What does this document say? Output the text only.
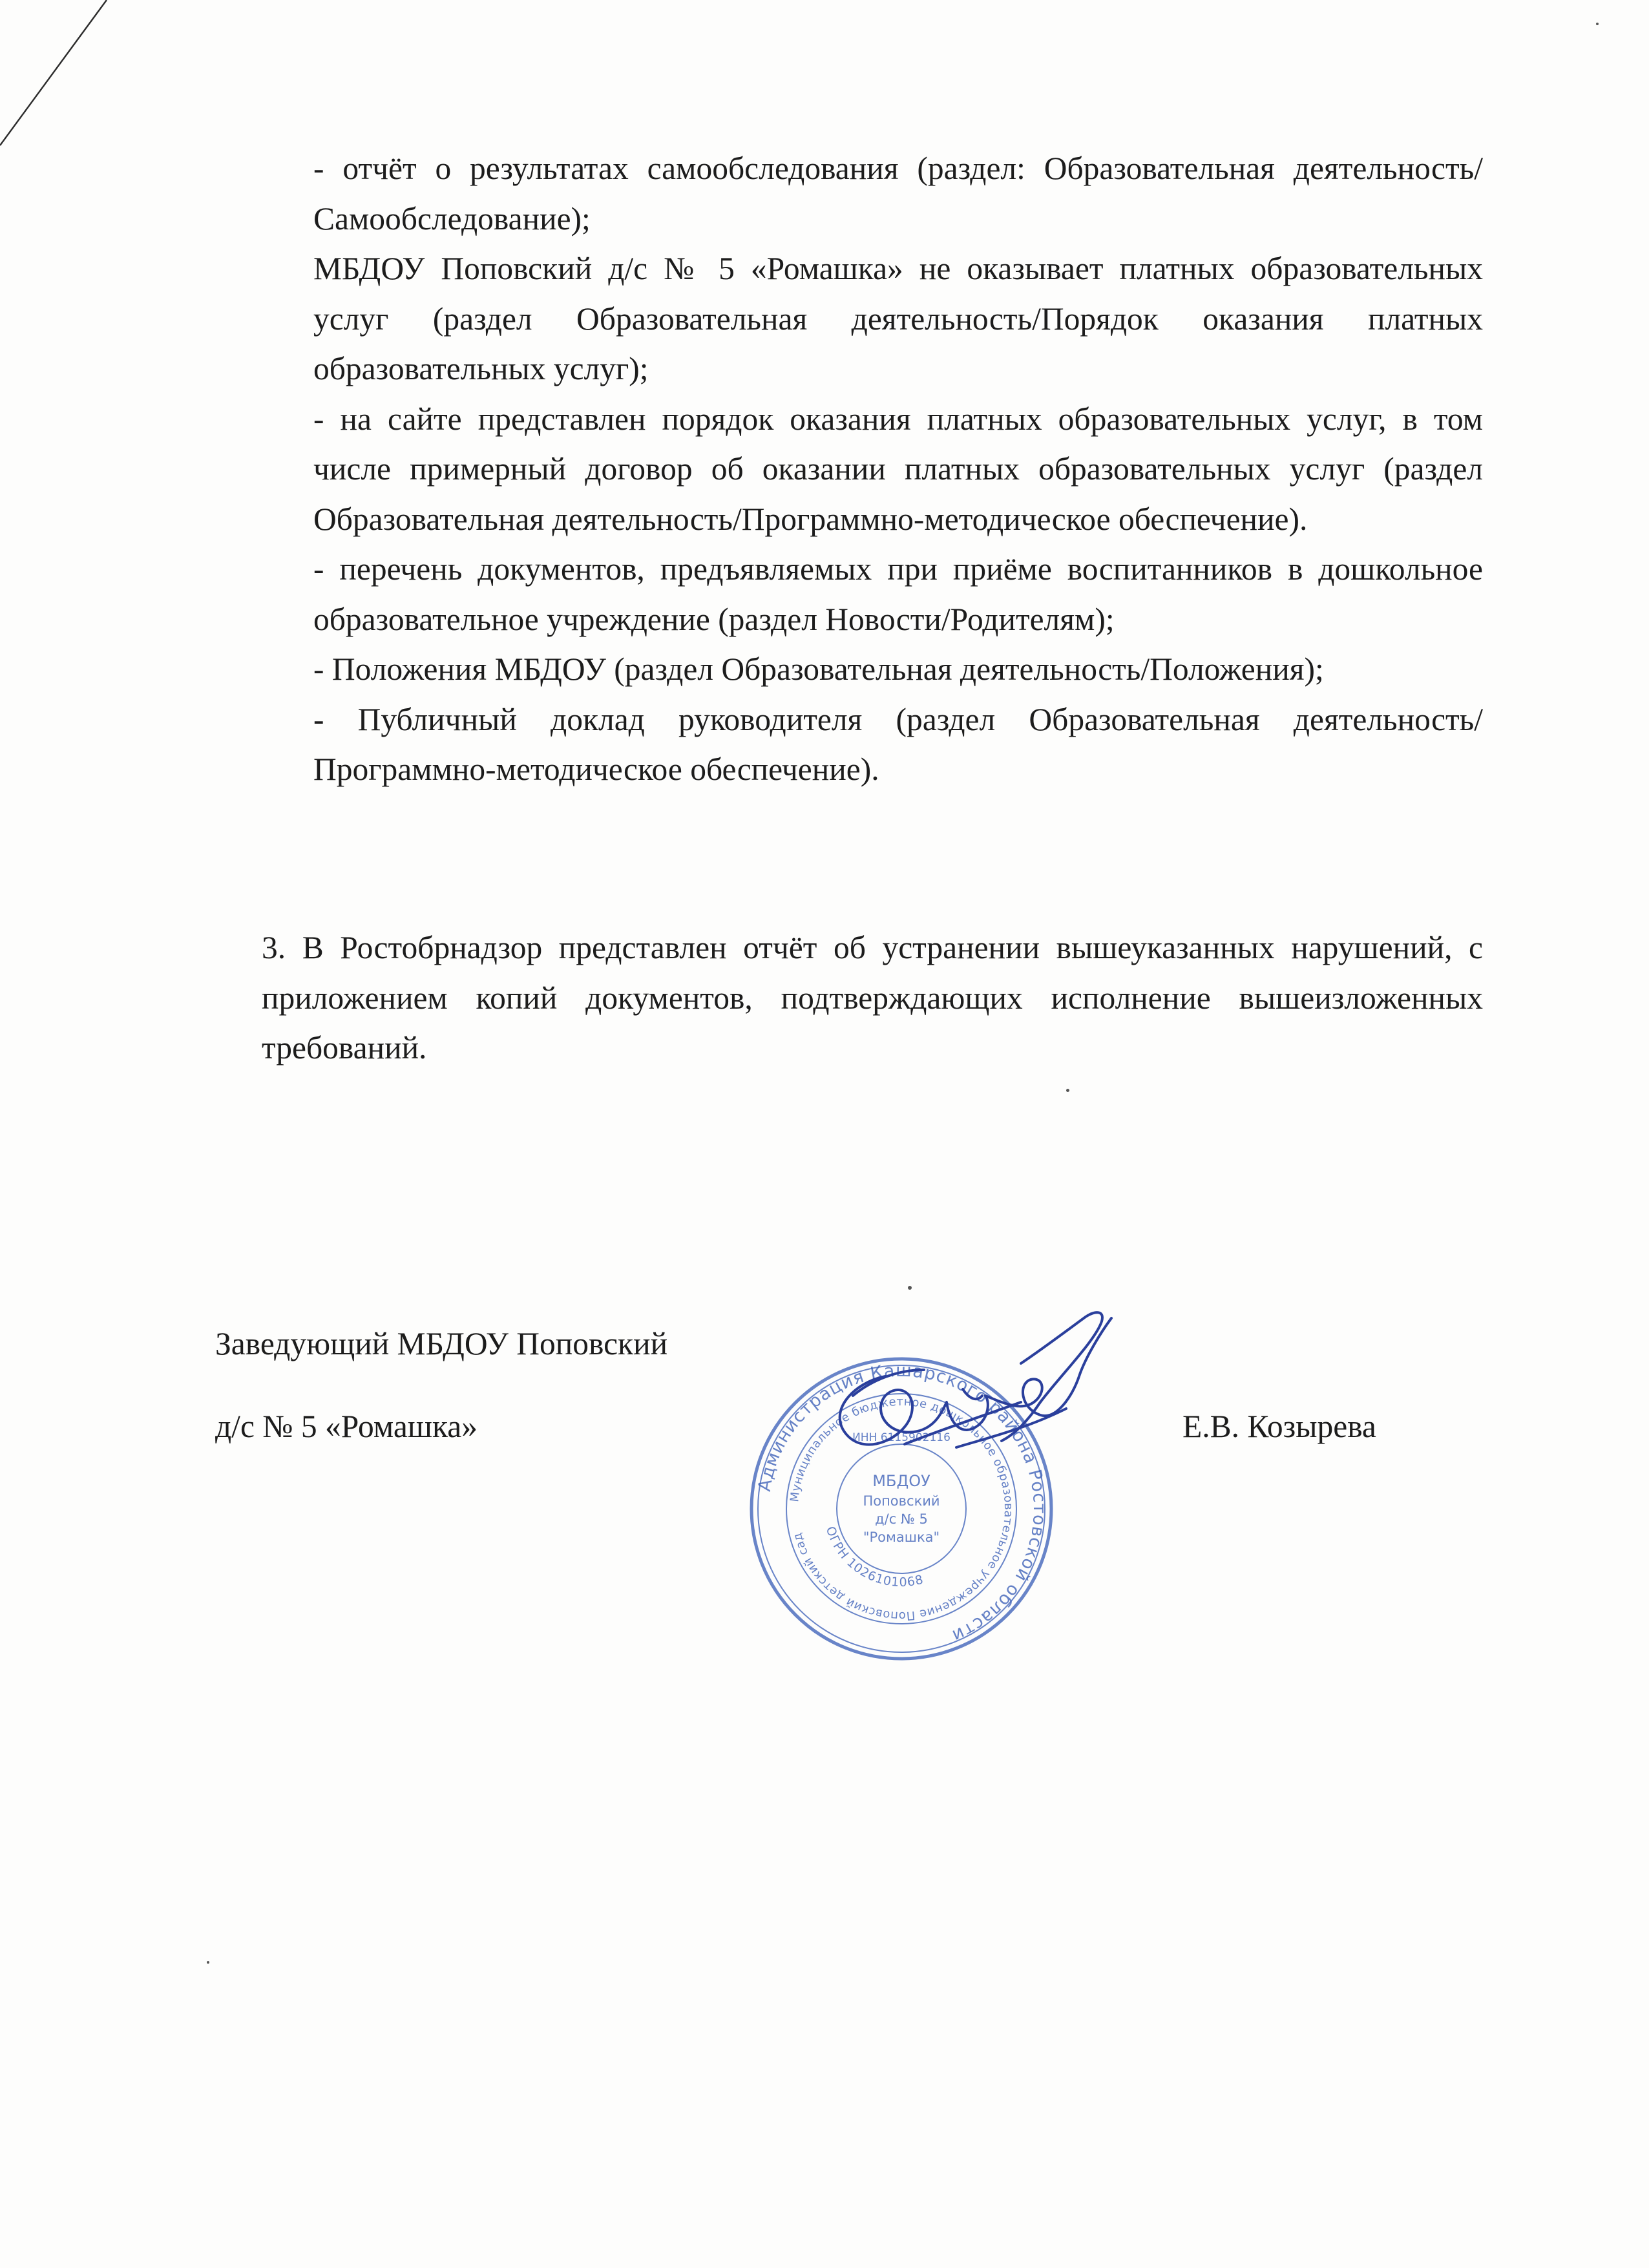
- отчёт о результатах самообследования (раздел: Образовательная деятельность/Самообследование);

МБДОУ Поповский д/с № 5 «Ромашка» не оказывает платных образовательных услуг (раздел Образовательная деятельность/Порядок оказания платных образовательных услуг);

- на сайте представлен порядок оказания платных образовательных услуг, в том числе примерный договор об оказании платных образовательных услуг (раздел Образовательная деятельность/Программно-методическое обеспечение).

- перечень документов, предъявляемых при приёме воспитанников в дошкольное образовательное учреждение (раздел Новости/Родителям);

- Положения МБДОУ (раздел Образовательная деятельность/Положения);

- Публичный доклад руководителя (раздел Образовательная деятельность/Программно-методическое обеспечение).

3. В Ростобрнадзор представлен отчёт об устранении вышеуказанных нарушений, с приложением копий документов, подтверждающих исполнение вышеизложенных требований.

Заведующий МБДОУ Поповский
д/с № 5 «Ромашка»	Е.В. Козырева
Администрация Кашарского района Ростовской области
Муниципальное бюджетное дошкольное образовательное учреждение Поповский детский сад	ОГРН 1026101068
ИНН 6115902116
МБДОУ
Поповский
д/с № 5
"Ромашка"
